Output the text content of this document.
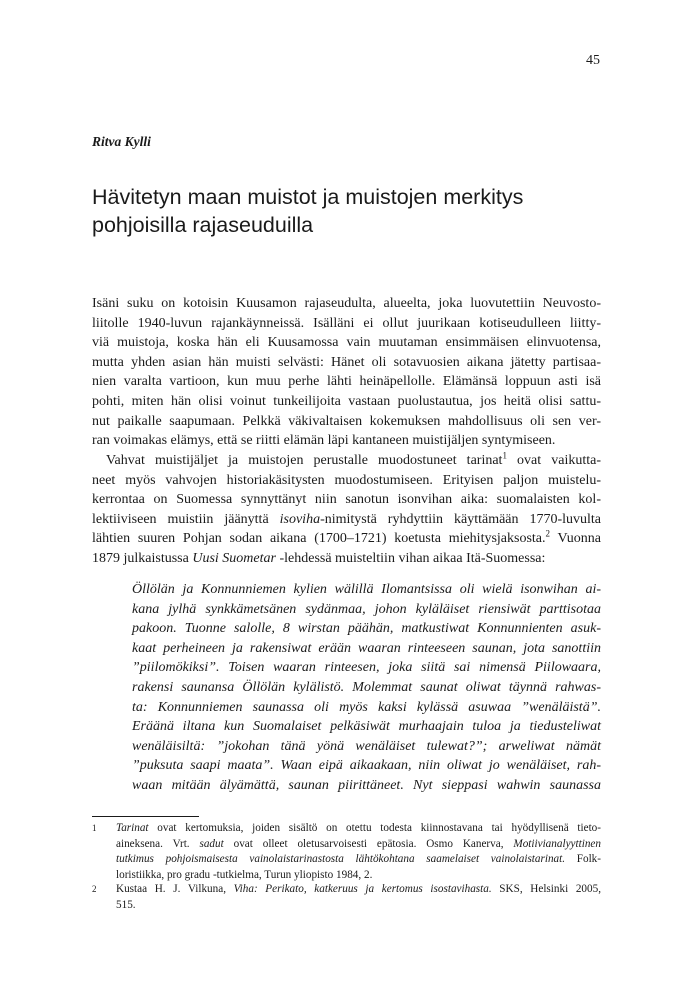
45
Ritva Kylli
Hävitetyn maan muistot ja muistojen merkitys
pohjoisilla rajaseuduilla
Isäni suku on kotoisin Kuusamon rajaseudulta, alueelta, joka luovutettiin Neuvosto-
liitolle 1940-luvun rajankäynneissä. Isälläni ei ollut juurikaan kotiseudulleen liitty-
viä muistoja, koska hän eli Kuusamossa vain muutaman ensimmäisen elinvuotensa,
mutta yhden asian hän muisti selvästi: Hänet oli sotavuosien aikana jätetty partisaa-
nien varalta vartioon, kun muu perhe lähti heinäpellolle. Elämänsä loppuun asti isä
pohti, miten hän olisi voinut tunkeilijoita vastaan puolustautua, jos heitä olisi sattu-
nut paikalle saapumaan. Pelkkä väkivaltaisen kokemuksen mahdollisuus oli sen ver-
ran voimakas elämys, että se riitti elämän läpi kantaneen muistijäljen syntymiseen.
Vahvat muistijäljet ja muistojen perustalle muodostuneet tarinat$^1$ ovat vaikutta-
neet myös vahvojen historiakäsitysten muodostumiseen. Erityisen paljon muistelu-
kerrontaa on Suomessa synnyttänyt niin sanotun isonvihan aika: suomalaisten kol-
lektiiviseen muistiin jäänyttä isoviha-nimitystä ryhdyttiin käyttämään 1770-luvulta
lähtien suuren Pohjan sodan aikana (1700–1721) koetusta miehitysjaksosta.$^2$ Vuonna
1879 julkaistussa Uusi Suometar -lehdessä muisteltiin vihan aikaa Itä-Suomessa:
Öllölän ja Konnunniemen kylien wälillä Ilomantsissa oli wielä isonwihan ai-
kana jylhä synkkämetsänen sydänmaa, johon kyläläiset riensiwät parttisotaa
pakoon. Tuonne salolle, 8 wirstan päähän, matkustiwat Konnunnienten asuk-
kaat perheineen ja rakensiwat erään waaran rinteeseen saunan, jota sanottiin
”piilomökiksi”. Toisen waaran rinteesen, joka siitä sai nimensä Piilowaara,
rakensi saunansa Öllölän kylälistö. Molemmat saunat oliwat täynnä rahwas-
ta: Konnunniemen saunassa oli myös kaksi kylässä asuwaa ”wenäläistä”.
Eräänä iltana kun Suomalaiset pelkäsiwät murhaajain tuloa ja tiedusteliwat
wenäläisiltä: ”jokohan tänä yönä wenäläiset tulewat?”; arweliwat nämät
”puksuta saapi maata”. Waan eipä aikaakaan, niin oliwat jo wenäläiset, rah-
waan mitään älyämättä, saunan piirittäneet. Nyt sieppasi wahwin saunassa
1 Tarinat ovat kertomuksia, joiden sisältö on otettu todesta kiinnostavana tai hyödyllisenä tieto-
aineksena. Vrt. sadut ovat olleet oletusarvoisesti epätosia. Osmo Kanerva, Motiivianalyyttinen
tutkimus pohjoismaisesta vainolaistarinastosta lähtökohtana saamelaiset vainolaistarinat. Folk-
loristiikka, pro gradu -tutkielma, Turun yliopisto 1984, 2.
2 Kustaa H. J. Vilkuna, Viha: Perikato, katkeruus ja kertomus isostavihasta. SKS, Helsinki 2005,
515.
